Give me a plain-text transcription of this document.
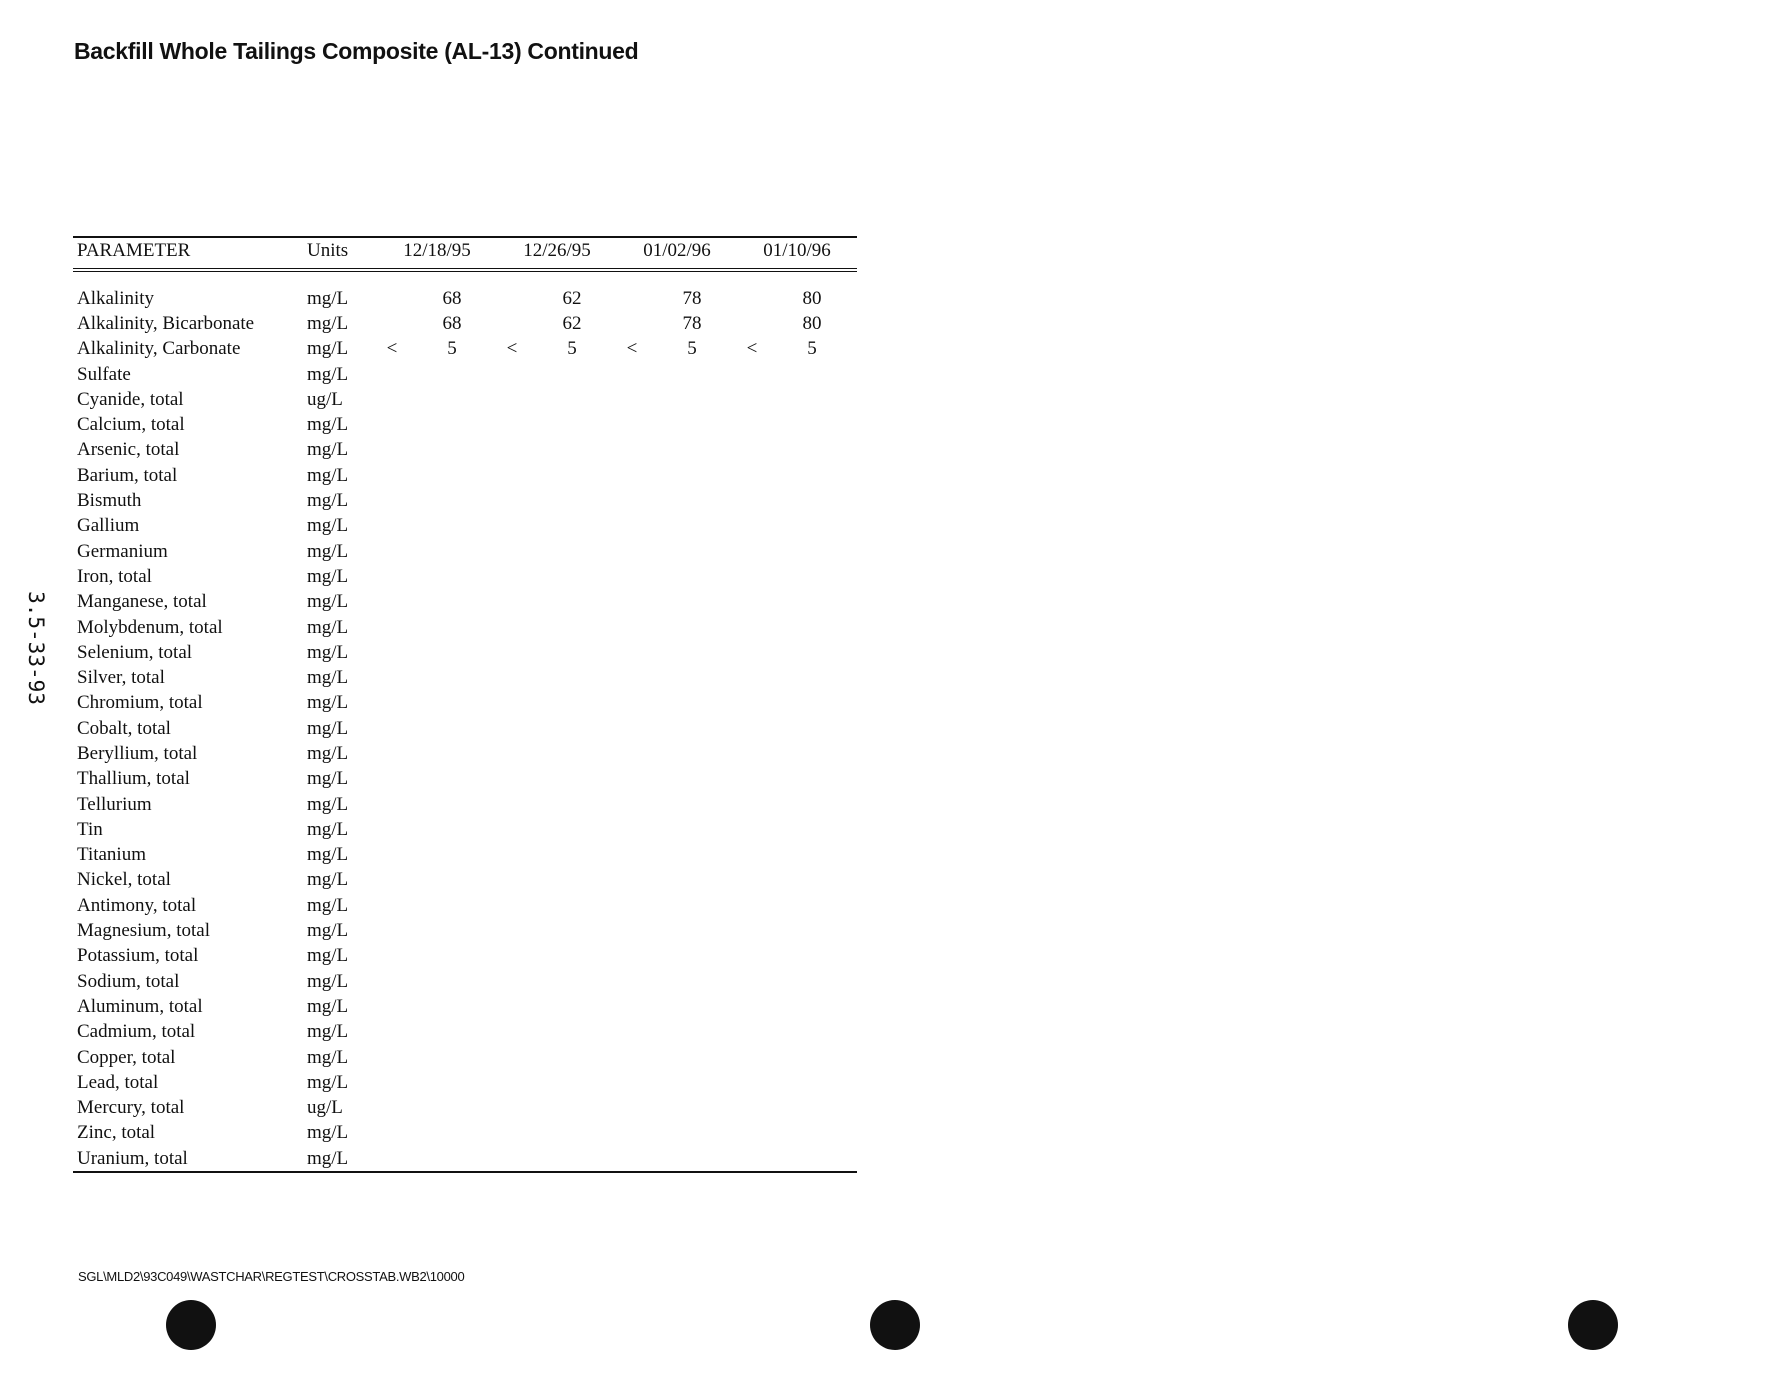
Backfill Whole Tailings Composite (AL-13) Continued
3.5-33-93
PARAMETER	Units	12/18/95		12/26/95		01/02/96		01/10/96	

Alkalinity	mg/L		68		62		78		80
Alkalinity, Bicarbonate	mg/L		68		62		78		80
Alkalinity, Carbonate	mg/L	<	5	<	5	<	5	<	5
Sulfate	mg/L								
Cyanide, total	ug/L								
Calcium, total	mg/L								
Arsenic, total	mg/L								
Barium, total	mg/L								
Bismuth	mg/L								
Gallium	mg/L								
Germanium	mg/L								
Iron, total	mg/L								
Manganese, total	mg/L								
Molybdenum, total	mg/L								
Selenium, total	mg/L								
Silver, total	mg/L								
Chromium, total	mg/L								
Cobalt, total	mg/L								
Beryllium, total	mg/L								
Thallium, total	mg/L								
Tellurium	mg/L								
Tin	mg/L								
Titanium	mg/L								
Nickel, total	mg/L								
Antimony, total	mg/L								
Magnesium, total	mg/L								
Potassium, total	mg/L								
Sodium, total	mg/L								
Aluminum, total	mg/L								
Cadmium, total	mg/L								
Copper, total	mg/L								
Lead, total	mg/L								
Mercury, total	ug/L								
Zinc, total	mg/L								
Uranium, total	mg/L								
SGL\MLD2\93C049\WASTCHAR\REGTEST\CROSSTAB.WB2\10000
